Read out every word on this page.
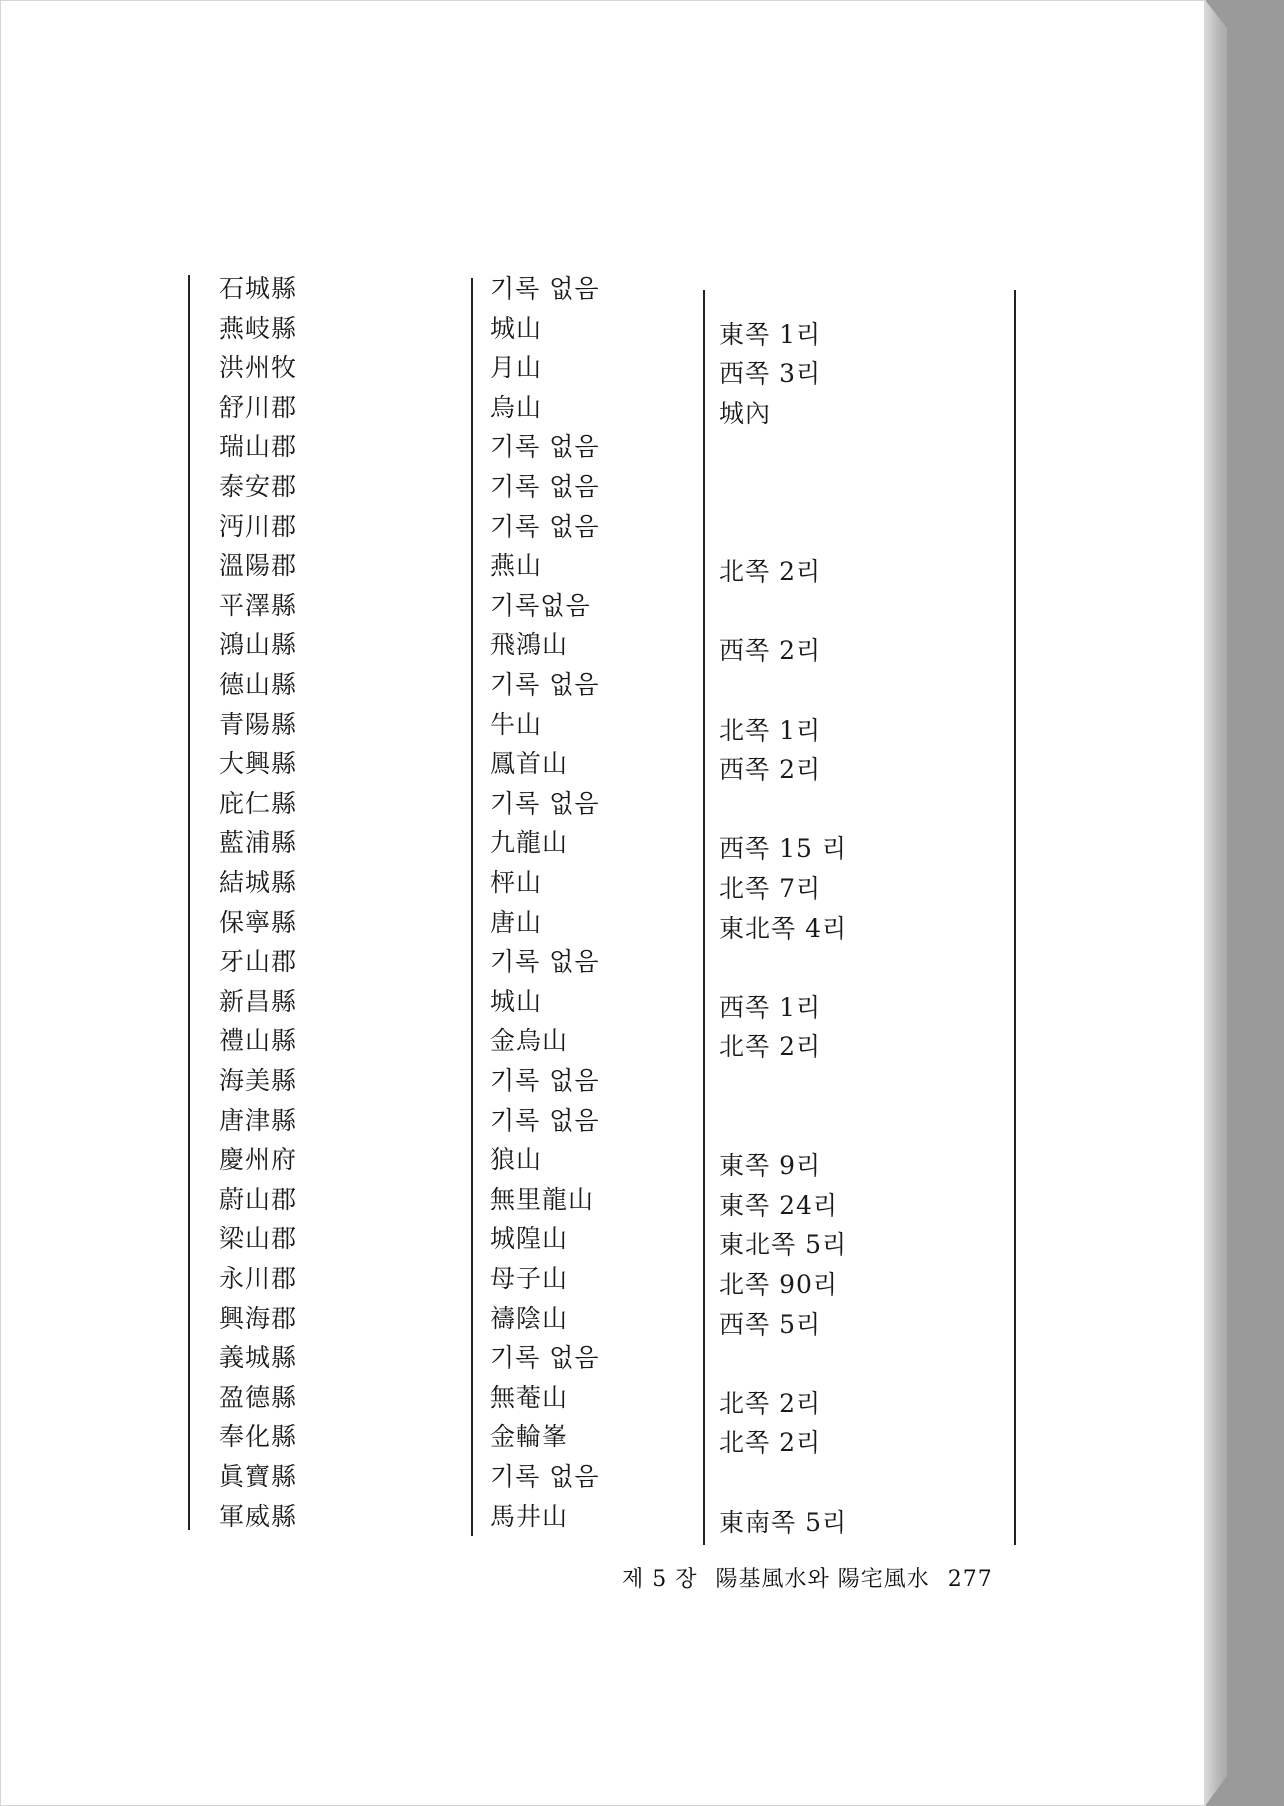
石城縣	기록 없음
燕岐縣	城山	東쪽 1리
洪州牧	月山	西쪽 3리
舒川郡	烏山	城內
瑞山郡	기록 없음
泰安郡	기록 없음
沔川郡	기록 없음
溫陽郡	燕山	北쪽 2리
平澤縣	기록없음
鴻山縣	飛鴻山	西쪽 2리
德山縣	기록 없음
青陽縣	牛山	北쪽 1리
大興縣	鳳首山	西쪽 2리
庇仁縣	기록 없음
藍浦縣	九龍山	西쪽 15 리
結城縣	枰山	北쪽 7리
保寧縣	唐山	東北쪽 4리
牙山郡	기록 없음
新昌縣	城山	西쪽 1리
禮山縣	金烏山	北쪽 2리
海美縣	기록 없음
唐津縣	기록 없음
慶州府	狼山	東쪽 9리
蔚山郡	無里龍山	東쪽 24리
梁山郡	城隍山	東北쪽 5리
永川郡	母子山	北쪽 90리
興海郡	禱陰山	西쪽 5리
義城縣	기록 없음
盈德縣	無菴山	北쪽 2리
奉化縣	金輪峯	北쪽 2리
眞寶縣	기록 없음
軍威縣	馬井山	東南쪽 5리
제 5 장 陽基風水와 陽宅風水 277
